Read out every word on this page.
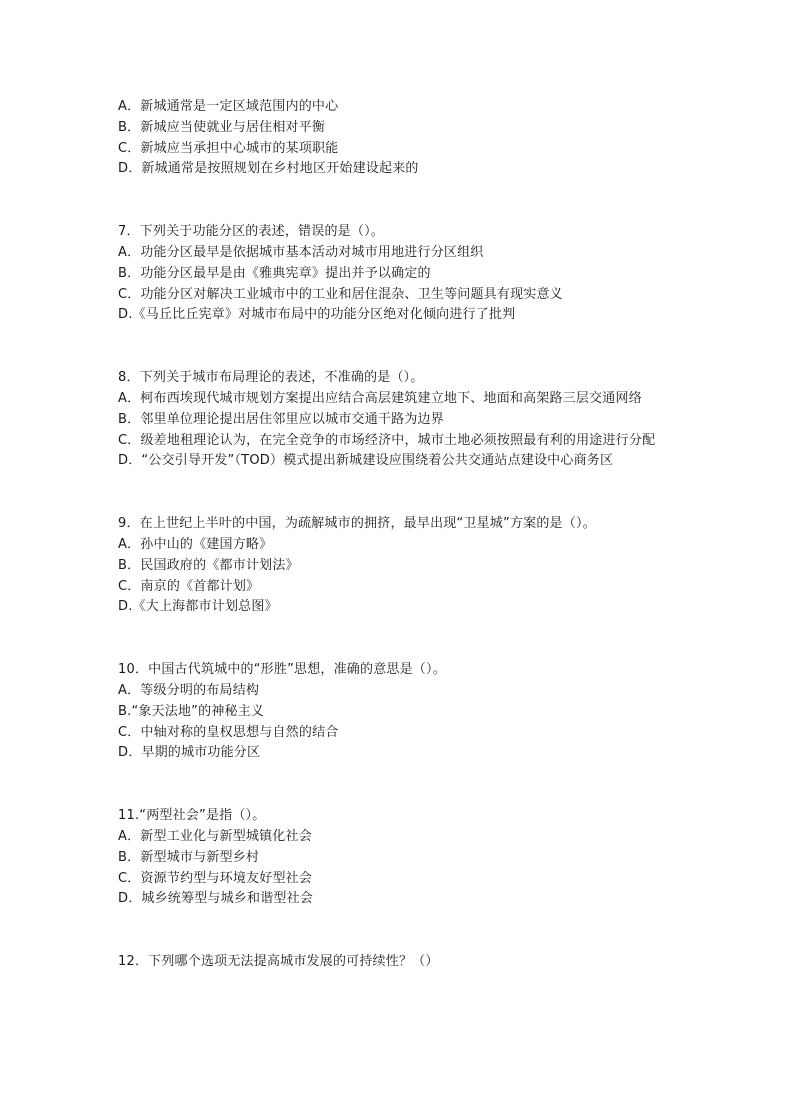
A．新城通常是一定区域范围内的中心
B．新城应当使就业与居住相对平衡
C．新城应当承担中心城市的某项职能
D．新城通常是按照规划在乡村地区开始建设起来的
7．下列关于功能分区的表述，错误的是（）。
A．功能分区最早是依据城市基本活动对城市用地进行分区组织
B．功能分区最早是由《雅典宪章》提出并予以确定的
C．功能分区对解决工业城市中的工业和居住混杂、卫生等问题具有现实意义
D.《马丘比丘宪章》对城市布局中的功能分区绝对化倾向进行了批判
8．下列关于城市布局理论的表述，不准确的是（）。
A．柯布西埃现代城市规划方案提出应结合高层建筑建立地下、地面和高架路三层交通网络
B．邻里单位理论提出居住邻里应以城市交通干路为边界
C．级差地租理论认为，在完全竞争的市场经济中，城市土地必须按照最有利的用途进行分配
D．“公交引导开发”（TOD）模式提出新城建设应围绕着公共交通站点建设中心商务区
9．在上世纪上半叶的中国，为疏解城市的拥挤，最早出现“卫星城”方案的是（）。
A．孙中山的《建国方略》
B．民国政府的《都市计划法》
C．南京的《首都计划》
D.《大上海都市计划总图》
10．中国古代筑城中的“形胜”思想，准确的意思是（）。
A．等级分明的布局结构
B.“象天法地”的神秘主义
C．中轴对称的皇权思想与自然的结合
D．早期的城市功能分区
11.“两型社会”是指（）。
A．新型工业化与新型城镇化社会
B．新型城市与新型乡村
C．资源节约型与环境友好型社会
D．城乡统筹型与城乡和谐型社会
12．下列哪个选项无法提高城市发展的可持续性？（）
